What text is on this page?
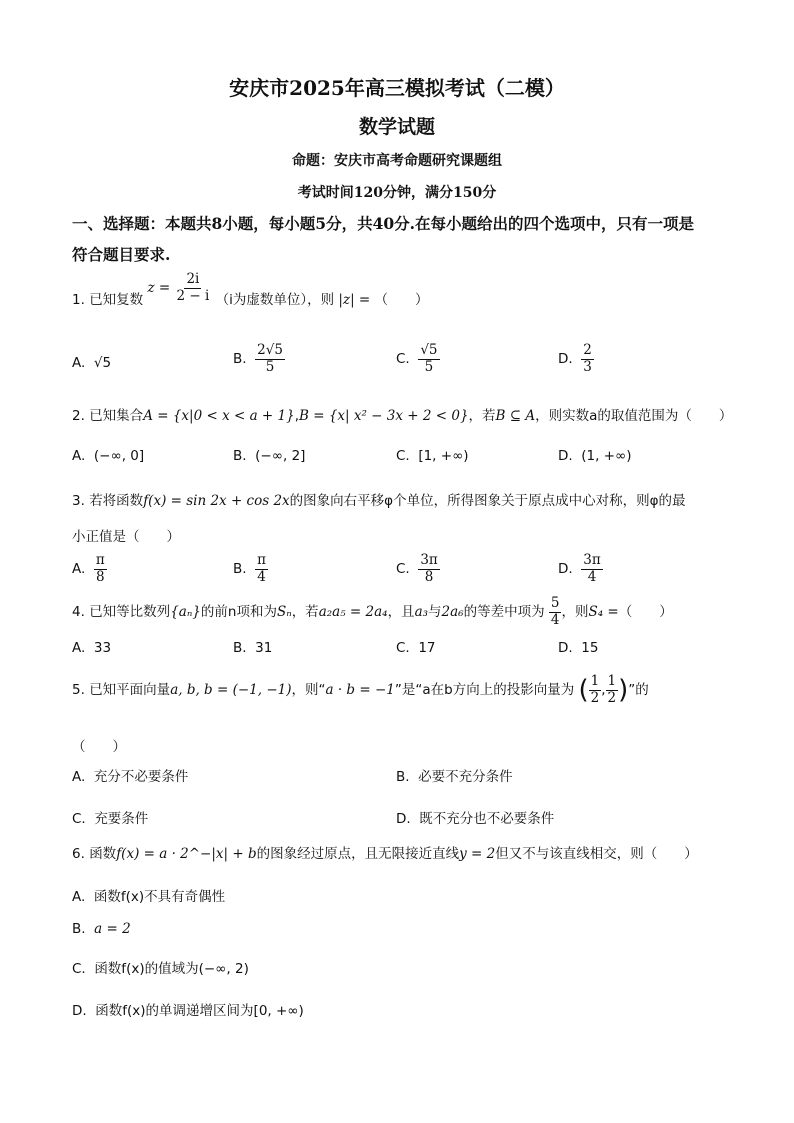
安庆市2025年高三模拟考试（二模）
数学试题
命题：安庆市高考命题研究课题组
考试时间120分钟，满分150分
一、选择题：本题共8小题，每小题5分，共40分.在每小题给出的四个选项中，只有一项是
符合题目要求.
1. 已知复数 $z = \frac{2i}{2 - i} (i$为虚数单位），则 |z| = （　　）
A. √5	B. $\frac{2√5}{5}$	C. $\frac{√5}{5}$	D. $\frac{2}{3}$
2. 已知集合A = {x|0 < x < a + 1},B = {x| x² − 3x + 2 < 0}，若B ⊆ A，则实数a的取值范围为（　　）
A. (−∞, 0]	B. (−∞, 2]	C. [1, +∞)	D. (1, +∞)
3. 若将函数f(x) = sin 2x + cos 2x的图象向右平移φ个单位，所得图象关于原点成中心对称，则φ的最
小正值是（　　）
A. $\frac{\pi}{8}$	B. $\frac{\pi}{4}$	C. $\frac{3\pi}{8}$	D. $\frac{3\pi}{4}$
4. 已知等比数列{aₙ}的前n项和为Sₙ，若a₂a₅ = 2a₄，且a₃与2a₆的等差中项为 $\frac{5}{4}$ ，则S₄ =（　　）
A. 33	B. 31	C. 17	D. 15
5. 已知平面向量a, b, b = (−1, −1)，则“a · b = −1”是“a在b方向上的投影向量为 ( $\frac{1}{2}$ , $\frac{1}{2}$ )”的
（　　）
A. 充分不必要条件	B. 必要不充分条件
C. 充要条件	D. 既不充分也不必要条件
6. 函数f(x) = a · 2^−|x| + b的图象经过原点，且无限接近直线y = 2但又不与该直线相交，则（　　）
A. 函数f(x)不具有奇偶性
B. a = 2
C. 函数f(x)的值域为(−∞, 2)
D. 函数f(x)的单调递增区间为[0, +∞)
